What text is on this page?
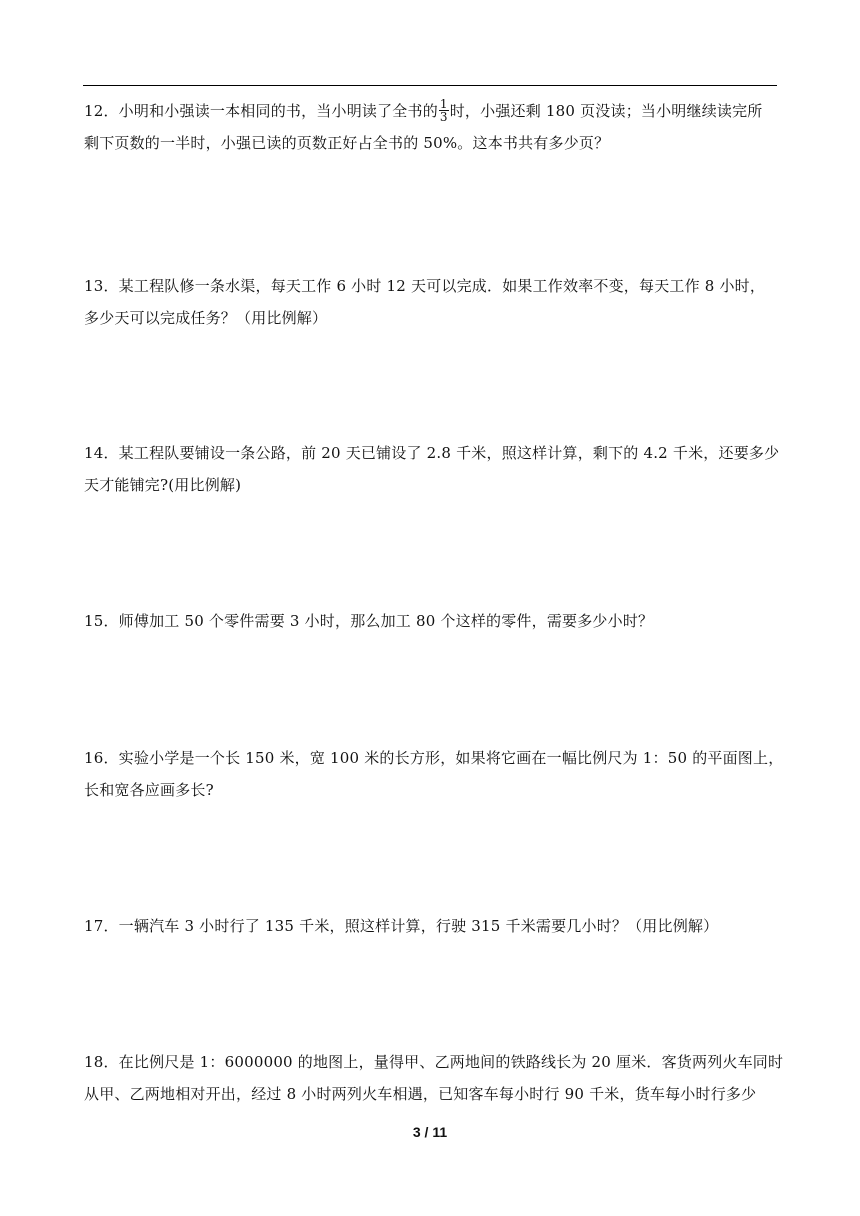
12．小明和小强读一本相同的书，当小明读了全书的 $\frac{1}{3}$ 时，小强还剩 180 页没读；当小明继续读完所
剩下页数的一半时，小强已读的页数正好占全书的 50%。这本书共有多少页？

13．某工程队修一条水渠，每天工作 6 小时 12 天可以完成．如果工作效率不变，每天工作 8 小时，
多少天可以完成任务？（用比例解）

14．某工程队要铺设一条公路，前 20 天已铺设了 2.8 千米，照这样计算，剩下的 4.2 千米，还要多少
天才能铺完?(用比例解)

15．师傅加工 50 个零件需要 3 小时，那么加工 80 个这样的零件，需要多少小时？

16．实验小学是一个长 150 米，宽 100 米的长方形，如果将它画在一幅比例尺为 1：50 的平面图上，
长和宽各应画多长?

17．一辆汽车 3 小时行了 135 千米，照这样计算，行驶 315 千米需要几小时？（用比例解）

18．在比例尺是 1：6000000 的地图上，量得甲、乙两地间的铁路线长为 20 厘米．客货两列火车同时
从甲、乙两地相对开出，经过 8 小时两列火车相遇，已知客车每小时行 90 千米，货车每小时行多少

3 / 11
